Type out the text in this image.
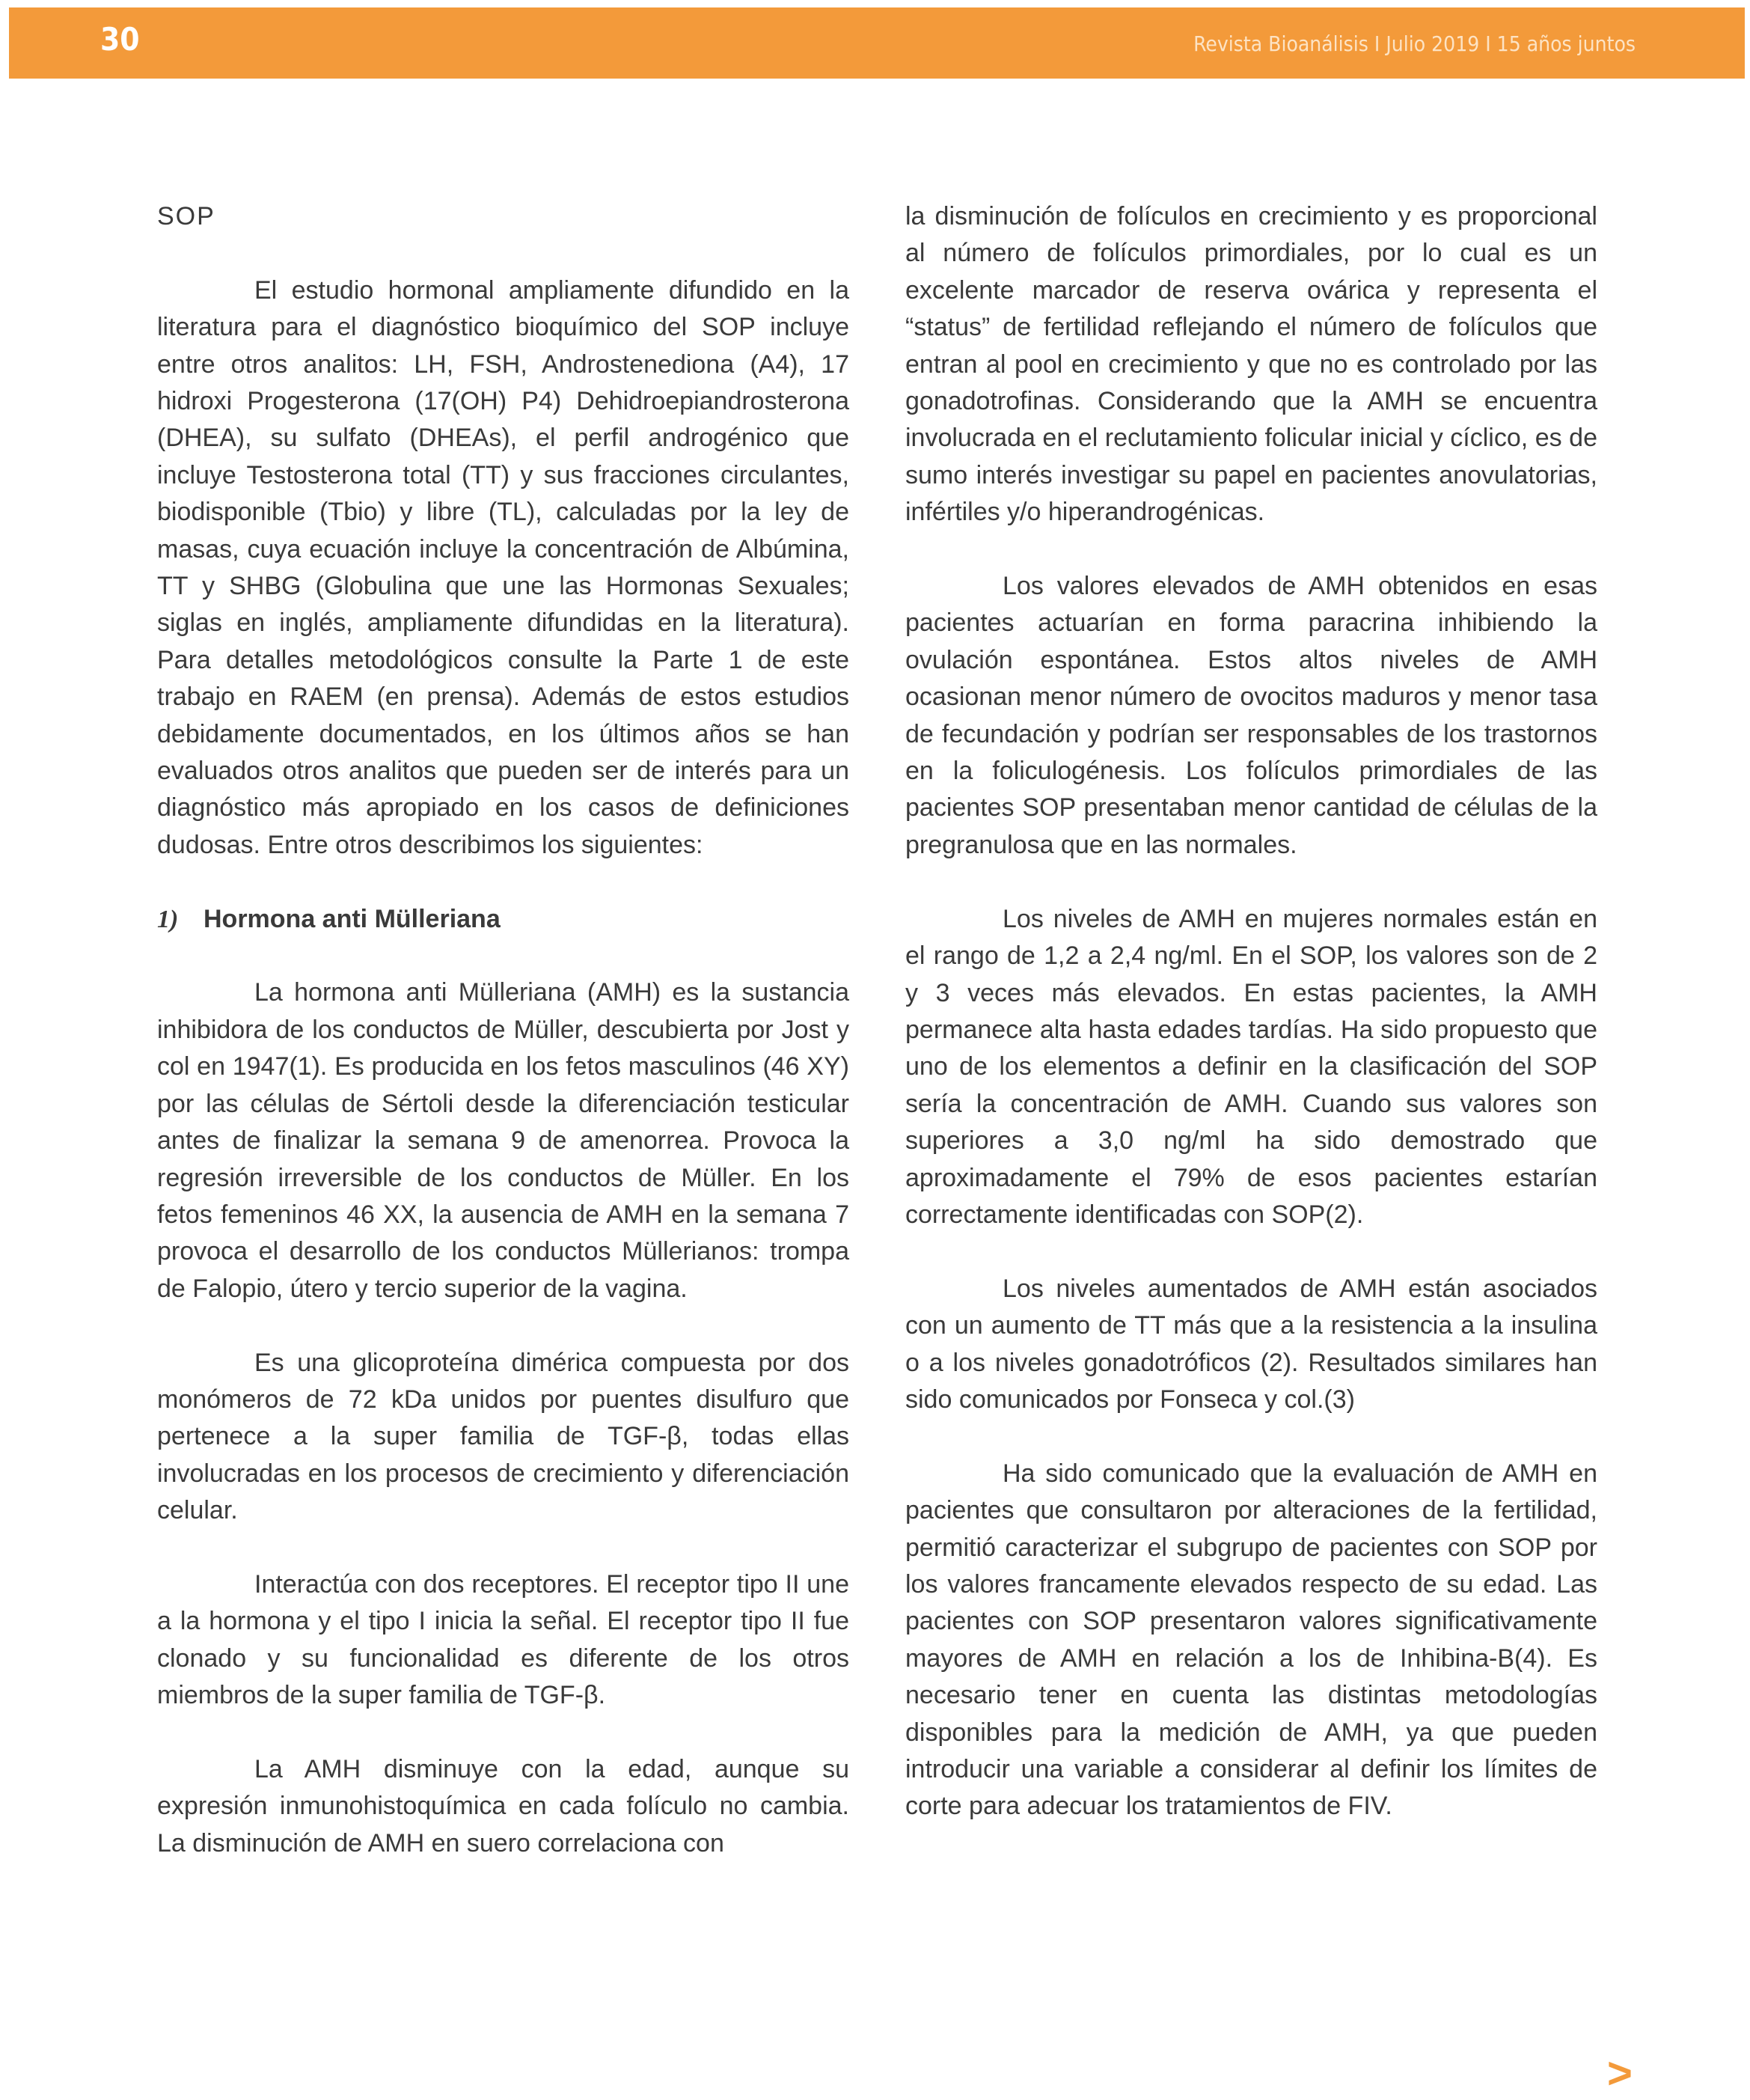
30	Revista Bioanálisis I Julio 2019 I 15 años juntos
SOP

El estudio hormonal ampliamente difundido en la literatura para el diagnóstico bioquímico del SOP incluye entre otros analitos: LH, FSH, Androstenediona (A4), 17 hidroxi Progesterona (17(OH) P4) Dehidroepiandrosterona (DHEA), su sulfato (DHEAs), el perfil androgénico que incluye Testosterona total (TT) y sus fracciones circulantes, biodisponible (Tbio) y libre (TL), calculadas por la ley de masas, cuya ecuación incluye la concentración de Albúmina, TT y SHBG (Globulina que une las Hormonas Sexuales; siglas en inglés, ampliamente difundidas en la literatura). Para detalles metodológicos consulte la Parte 1 de este trabajo en RAEM (en prensa). Además de estos estudios debidamente documentados, en los últimos años se han evaluados otros analitos que pueden ser de interés para un diagnóstico más apropiado en los casos de definiciones dudosas. Entre otros describimos los siguientes:

1) Hormona anti Mülleriana

La hormona anti Mülleriana (AMH) es la sustancia inhibidora de los conductos de Müller, descubierta por Jost y col en 1947(1). Es producida en los fetos masculinos (46 XY) por las células de Sértoli desde la diferenciación testicular antes de finalizar la semana 9 de amenorrea. Provoca la regresión irreversible de los conductos de Müller. En los fetos femeninos 46 XX, la ausencia de AMH en la semana 7 provoca el desarrollo de los conductos Müllerianos: trompa de Falopio, útero y tercio superior de la vagina.

Es una glicoproteína dimérica compuesta por dos monómeros de 72 kDa unidos por puentes disulfuro que pertenece a la super familia de TGF-β, todas ellas involucradas en los procesos de crecimiento y diferenciación celular.

Interactúa con dos receptores. El receptor tipo II une a la hormona y el tipo I inicia la señal. El receptor tipo II fue clonado y su funcionalidad es diferente de los otros miembros de la super familia de TGF-β.

La AMH disminuye con la edad, aunque su expresión inmunohistoquímica en cada folículo no cambia. La disminución de AMH en suero correlaciona con

la disminución de folículos en crecimiento y es proporcional al número de folículos primordiales, por lo cual es un excelente marcador de reserva ovárica y representa el “status” de fertilidad reflejando el número de folículos que entran al pool en crecimiento y que no es controlado por las gonadotrofinas. Considerando que la AMH se encuentra involucrada en el reclutamiento folicular inicial y cíclico, es de sumo interés investigar su papel en pacientes anovulatorias, infértiles y/o hiperandrogénicas.

Los valores elevados de AMH obtenidos en esas pacientes actuarían en forma paracrina inhibiendo la ovulación espontánea. Estos altos niveles de AMH ocasionan menor número de ovocitos maduros y menor tasa de fecundación y podrían ser responsables de los trastornos en la foliculogénesis. Los folículos primordiales de las pacientes SOP presentaban menor cantidad de células de la pregranulosa que en las normales.

Los niveles de AMH en mujeres normales están en el rango de 1,2 a 2,4 ng/ml. En el SOP, los valores son de 2 y 3 veces más elevados. En estas pacientes, la AMH permanece alta hasta edades tardías. Ha sido propuesto que uno de los elementos a definir en la clasificación del SOP sería la concentración de AMH. Cuando sus valores son superiores a 3,0 ng/ml ha sido demostrado que aproximadamente el 79% de esos pacientes estarían correctamente identificadas con SOP(2).

Los niveles aumentados de AMH están asociados con un aumento de TT más que a la resistencia a la insulina o a los niveles gonadotróficos (2). Resultados similares han sido comunicados por Fonseca y col.(3)

Ha sido comunicado que la evaluación de AMH en pacientes que consultaron por alteraciones de la fertilidad, permitió caracterizar el subgrupo de pacientes con SOP por los valores francamente elevados respecto de su edad. Las pacientes con SOP presentaron valores significativamente mayores de AMH en relación a los de Inhibina-B(4). Es necesario tener en cuenta las distintas metodologías disponibles para la medición de AMH, ya que pueden introducir una variable a considerar al definir los límites de corte para adecuar los tratamientos de FIV.

>
